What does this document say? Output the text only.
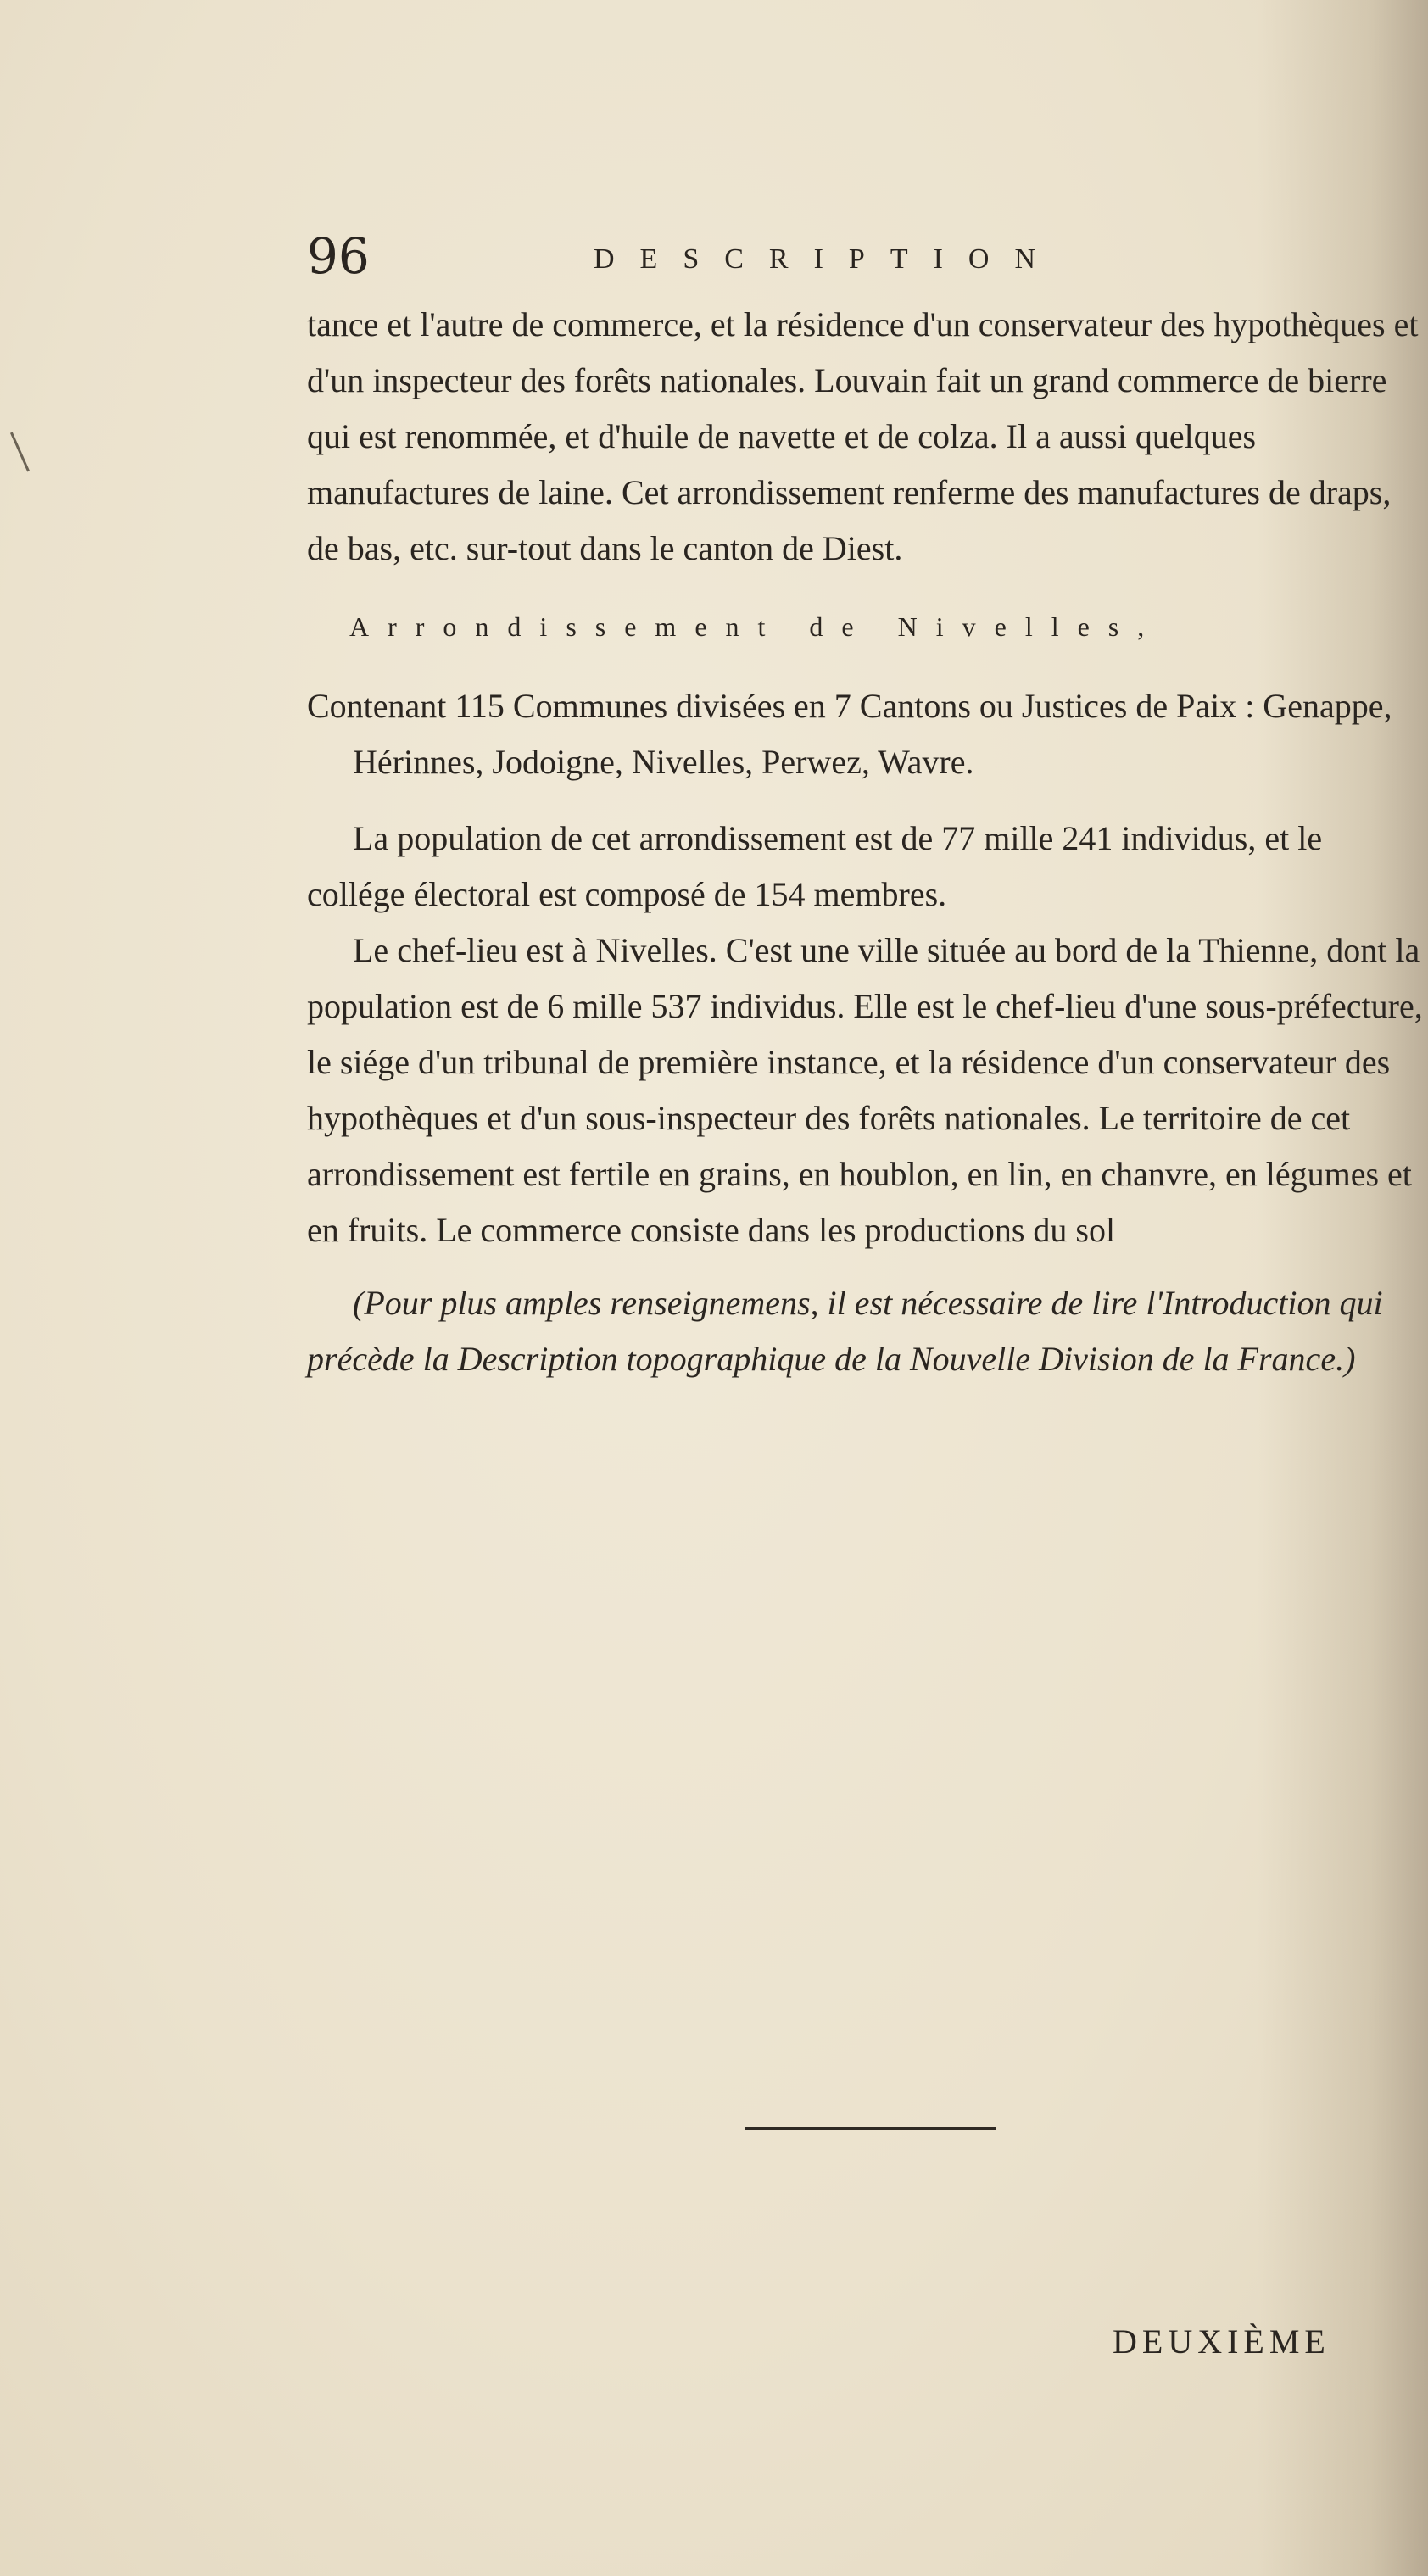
96	DESCRIPTION

tance et l'autre de commerce, et la résidence d'un conservateur des hypothèques et d'un inspecteur des forêts nationales. Louvain fait un grand commerce de bierre qui est renommée, et d'huile de navette et de colza. Il a aussi quelques manufactures de laine. Cet arrondissement renferme des manufactures de draps, de bas, etc. sur-tout dans le canton de Diest.

Arrondissement de Nivelles,

Contenant 115 Communes divisées en 7 Cantons ou Justices de Paix : Genappe, Hérinnes, Jodoigne, Nivelles, Perwez, Wavre.

La population de cet arrondissement est de 77 mille 241 individus, et le collége électoral est composé de 154 membres.

Le chef-lieu est à Nivelles. C'est une ville située au bord de la Thienne, dont la population est de 6 mille 537 individus. Elle est le chef-lieu d'une sous-préfecture, le siége d'un tribunal de première instance, et la résidence d'un conservateur des hypothèques et d'un sous-inspecteur des forêts nationales. Le territoire de cet arrondissement est fertile en grains, en houblon, en lin, en chanvre, en légumes et en fruits. Le commerce consiste dans les productions du sol

(Pour plus amples renseignemens, il est nécessaire de lire l'Introduction qui précède la Description topographique de la Nouvelle Division de la France.)

DEUXIÈME
